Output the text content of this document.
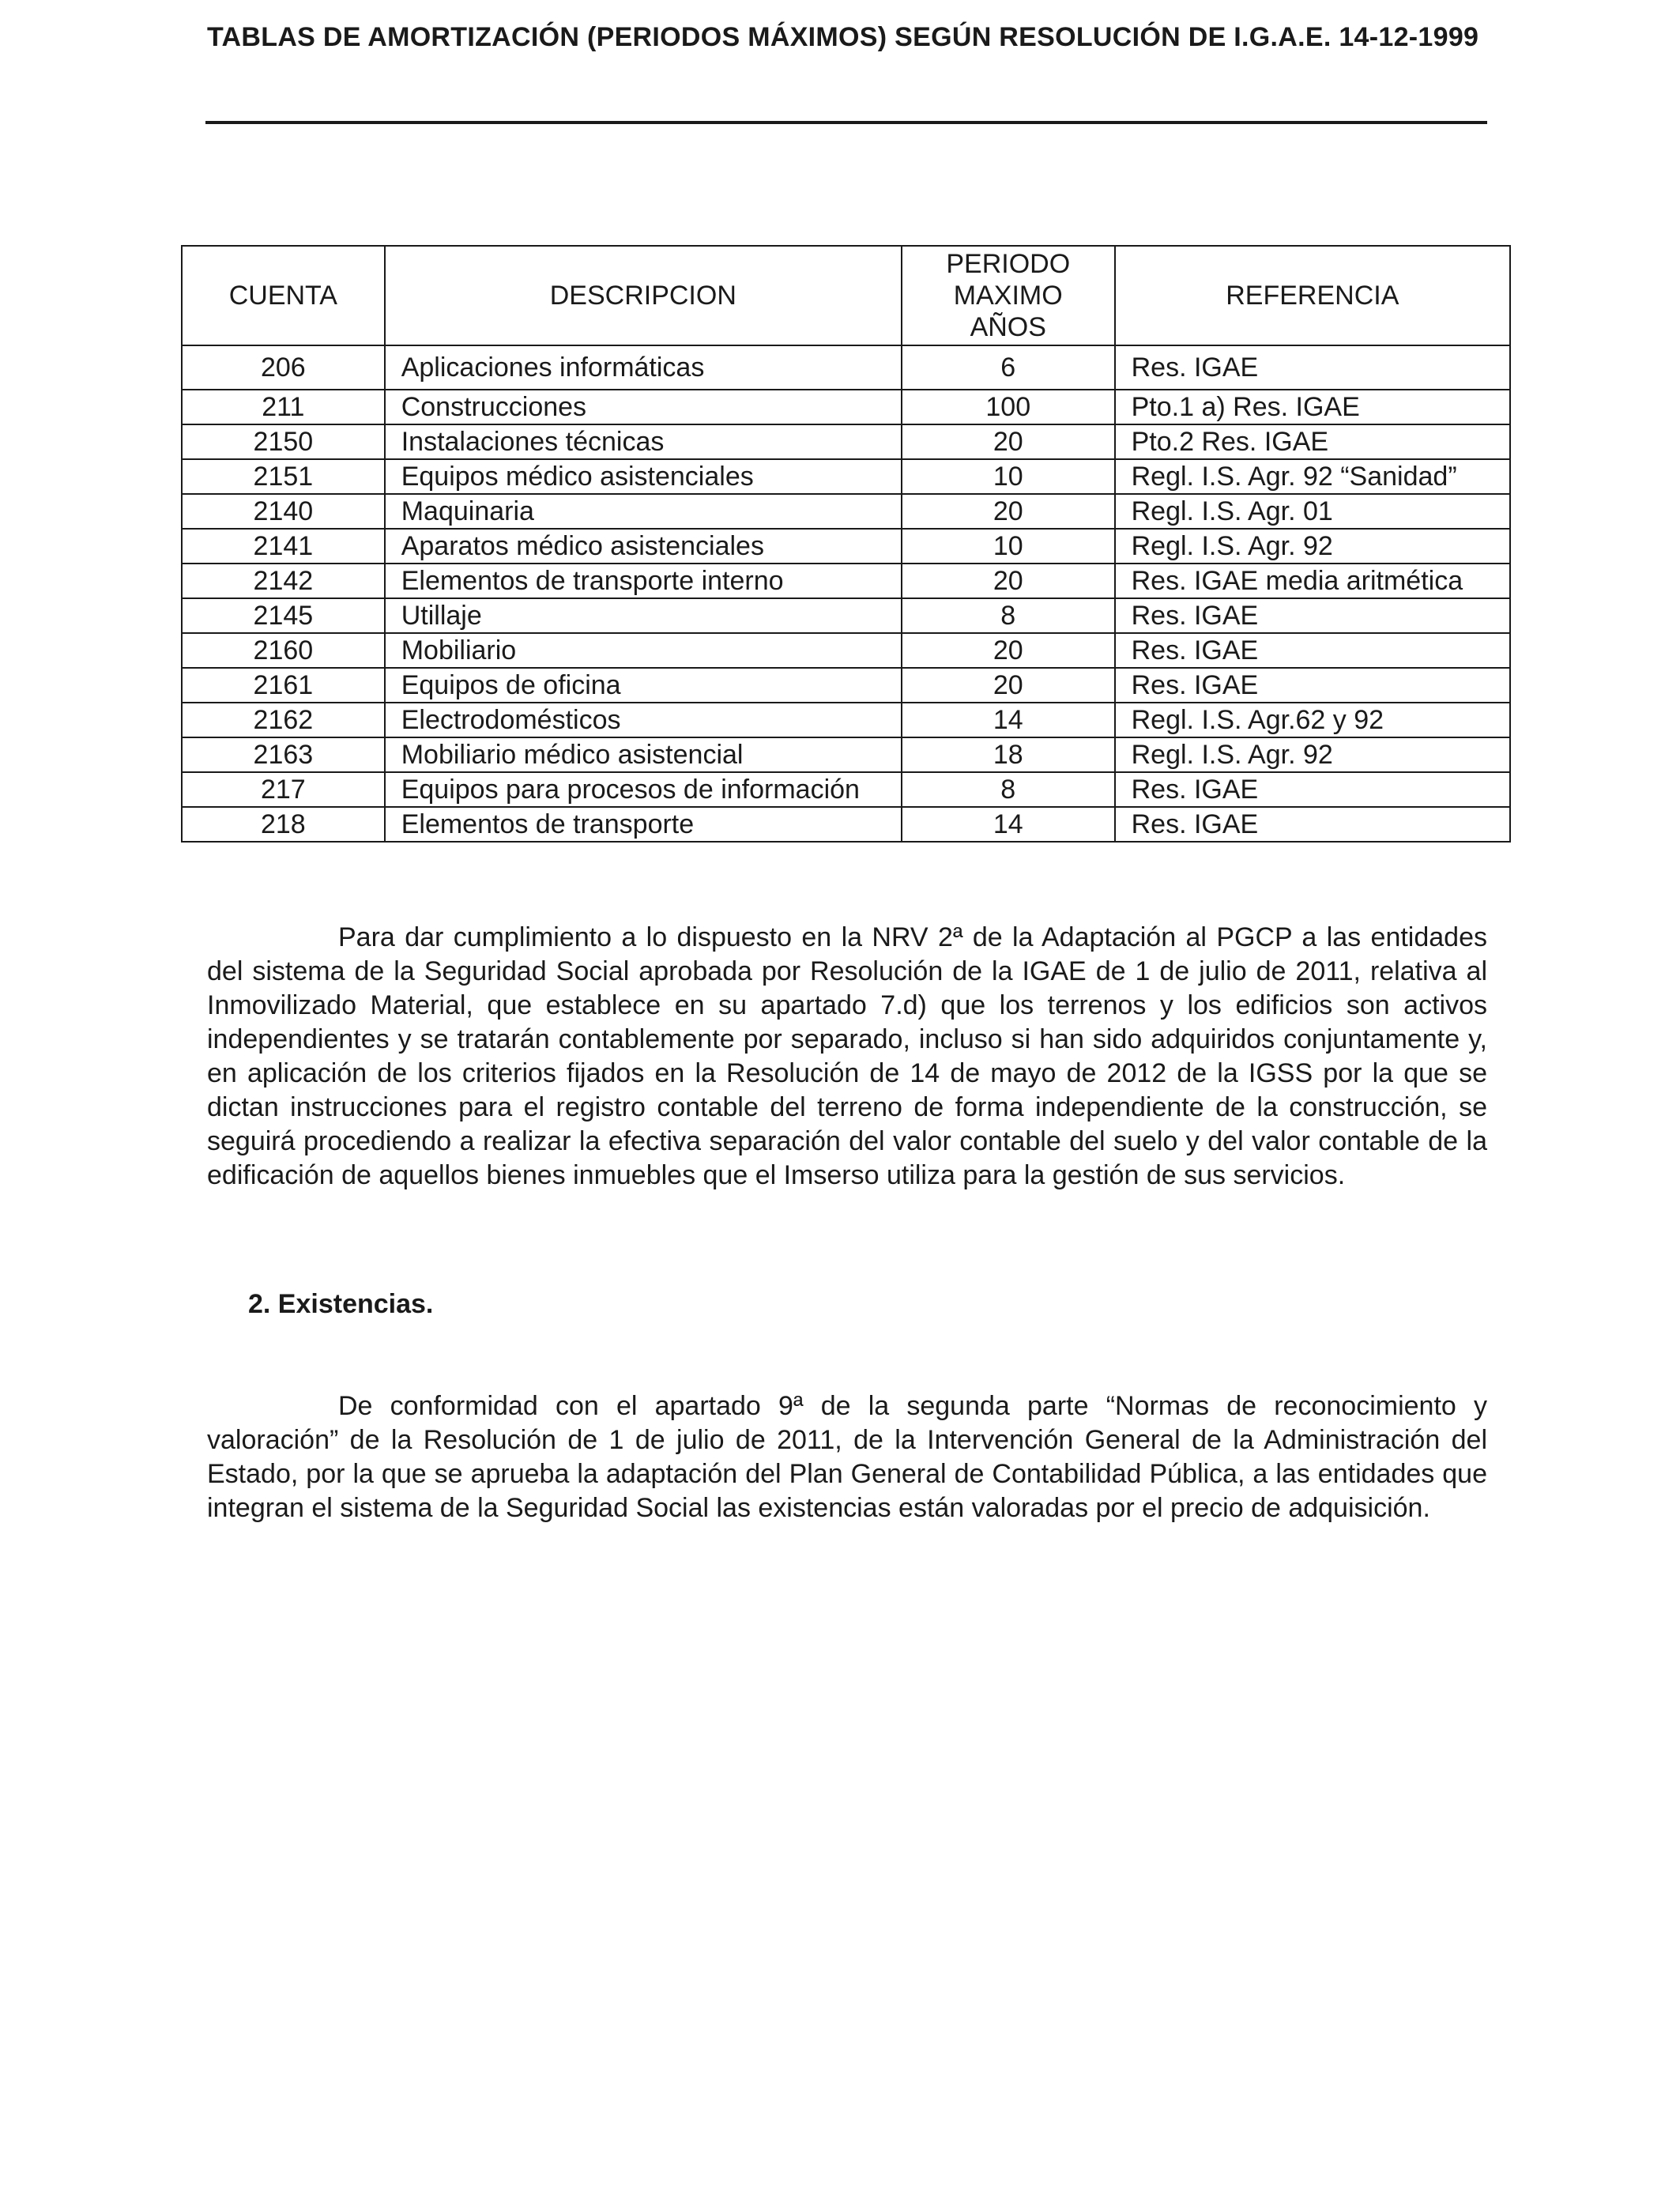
TABLAS DE AMORTIZACIÓN (PERIODOS MÁXIMOS) SEGÚN RESOLUCIÓN DE I.G.A.E. 14-12-1999
CUENTA	DESCRIPCION	PERIODO
MAXIMO
AÑOS	REFERENCIA
206	Aplicaciones informáticas	6	Res. IGAE
211	Construcciones	100	Pto.1 a) Res. IGAE
2150	Instalaciones técnicas	20	Pto.2 Res. IGAE
2151	Equipos médico asistenciales	10	Regl. I.S. Agr. 92 “Sanidad”
2140	Maquinaria	20	Regl. I.S. Agr. 01
2141	Aparatos médico asistenciales	10	Regl. I.S. Agr. 92
2142	Elementos de transporte interno	20	Res. IGAE media aritmética
2145	Utillaje	8	Res. IGAE
2160	Mobiliario	20	Res. IGAE
2161	Equipos de oficina	20	Res. IGAE
2162	Electrodomésticos	14	Regl. I.S. Agr.62 y 92
2163	Mobiliario médico asistencial	18	Regl. I.S. Agr. 92
217	Equipos para procesos de información	8	Res. IGAE
218	Elementos de transporte	14	Res. IGAE

Para dar cumplimiento a lo dispuesto en la NRV 2ª de la Adaptación al PGCP a las entidades del sistema de la Seguridad Social aprobada por Resolución de la IGAE de 1 de julio de 2011, relativa al Inmovilizado Material, que establece en su apartado 7.d) que los terrenos y los edificios son activos independientes y se tratarán contablemente por separado, incluso si han sido adquiridos conjuntamente y, en aplicación de los criterios fijados en la Resolución de 14 de mayo de 2012 de la IGSS por la que se dictan instrucciones para el registro contable del terreno de forma independiente de la construcción, se seguirá procediendo a realizar la efectiva separación del valor contable del suelo y del valor contable de la edificación de aquellos bienes inmuebles que el Imserso utiliza para la gestión de sus servicios.

2. Existencias.

De conformidad con el apartado 9ª de la segunda parte “Normas de reconocimiento y valoración” de la Resolución de 1 de julio de 2011, de la Intervención General de la Administración del Estado, por la que se aprueba la adaptación del Plan General de Contabilidad Pública, a las entidades que integran el sistema de la Seguridad Social las existencias están valoradas por el precio de adquisición.
